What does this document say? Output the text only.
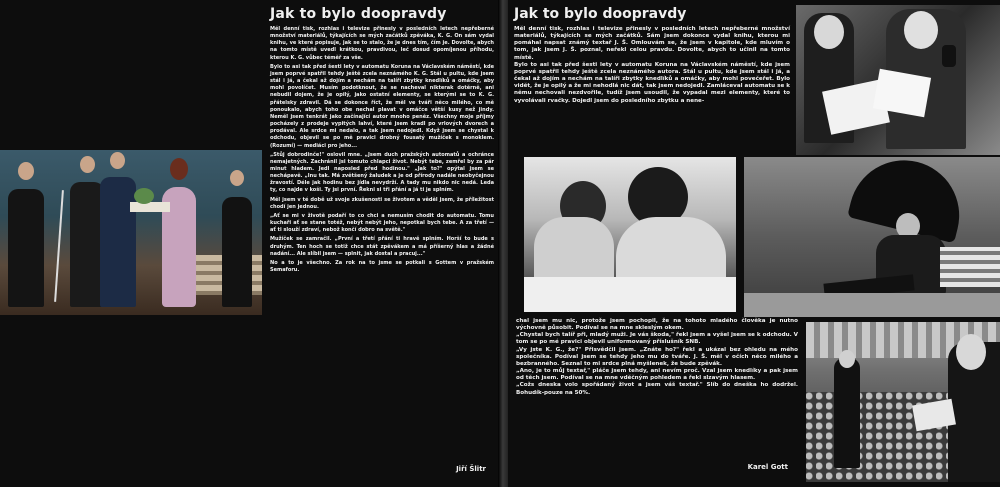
Jak to bylo doopravdy

Měl denní tisk, rozhlas i televize přinesly v posledních letech nepřeberné množství materiálů, týkajících se mých začátků zpěváka, K. G. On sám vydal knihu, ve které popisuje, jak se to stalo, že je dnes tím, čím je. Dovolte, abych na tomto místě uvedl krátkou, pravdivou, leč dosud opomíjenou příhodu, kterou K. G. vůbec téměř za vše.

Bylo to asi tak před šesti lety v automatu Koruna na Václavském náměstí, kde jsem poprvé spatřil tehdy ještě zcela neznámého K. G. Stál u pultu, kde jsem stál i já, a čekal až dojím a nechám na talíři zbytky knedlíků a omáčky, aby mohl povolíčet. Musím podotknout, že se nacheval nikterak dotěrně, ani nebudil dojem, že je opilý, jako ostatní elementy, se kterými se to K. G. přátelsky zdravil. Dá se dokonce říct, že měl ve tváři něco milého, co mě ponoukalo, abych toho obe nechal plavat v omáčce větší kusy než jindy. Neměl jsem tenkrát jako začínající autor mnoho peněz. Všechny moje příjmy pocházely z prodeje vypitých lahví, které jsem kradl po vrlových dvorech a prodával. Ale srdce mi nedalo, a tak jsem nedojedl. Když jsem se chystal k odchodu, objevil se po mě pravici drobný fousatý mužíček s monoklem. (Rozumí) — mediáci pro jeho...

„Stůj dobrodinče!" oslovil mne. „Jsem duch pražských automatů a ochránce nemajetných. Zachránil jsi tomuto chlapci život. Nebýt tebe, zemřel by za pár minut hladem. Jedl naposled před hodinou." „Jak to?" opýtal jsem se nechápavě. „Inu tak. Má zvětšený žaludek a je od přírody nadále neobyčejnou žravostí. Déle jak hodinu bez jídla nevydrží. A tady mu nikdo nic nedá. Leda ty, co najde v koši. Ty jsi první. Řekni si tři přání a já ti je splním.

Měl jsem v té době už svoje zkušenosti se životem a věděl jsem, že příležitost chodí jen jednou.

„Ať se mi v životě podaří to co chci a nemusím chodit do automatu. Tomu kuchaři ať se stane totéž, nebýt nebýt jeho, nepotkal bych tebe. A za třetí — ať ti slouží zdraví, nebož končí dobro na světě."

Mužíček se zamračil. „První a třetí přání ti hravě splním. Horší to bude s druhým. Ten hoch se totiž chce stát zpěvákem a má příšerný hlas a žádné nadání... Ale slíbil jsem — splnit, jak dostal a pracuj..."

No a to je všechno. Za rok na to jsme se potkali s Gottem v pražském Semaforu.

Jiří Šlitr
Jak to bylo doopravdy

Měl denní tisk, rozhlas i televize přinesly v posledních letech nepřeberné množství materiálů, týkajících se mých začátků. Sám jsem dokonce vydal knihu, kterou mi pomáhal napsat známý textař J. Š. Omlouvám se, že jsem v kapitole, kde mluvím o tom, jak jsem J. Š. poznal, neřekl celou pravdu. Dovolte, abych to učinil na tomto místě.

Bylo to asi tak před šesti lety v automatu Koruna na Václavském náměstí, kde jsem poprvé spatřil tehdy ještě zcela neznámého autora. Stál u pultu, kde jsem stál i já, a čekal až dojím a nechám na talíři zbytky knedlíků a omáčky, aby mohl povečeřet. Bylo vidět, že je opilý a že mi nehodlá nic dát, tak jsem nedojedl. Zamláceval automatu se k němu nechovali nezdvořile, tudíž jsem usoudil, že vypadal mezi elementy, které to vyvolávali rvačky. Dojedl jsem do posledního zbytku a nene-

chal jsem mu nic, protože jsem pochopil, že na tohoto mladého člověka je nutno výchovně působit. Podíval se na mne skleslým okem.

„Chystal bych talíř při, mladý muži. Je vás škoda," řekl jsem a vyšel jsem se k odchodu. V tom se po mé pravici objevil uniformovaný příslušník SNB.

„Vy jste K. G., že?" Přisvědčil jsem. „Znáte ho?" řekl a ukázal bez ohledu na mého společníka. Podíval jsem se tehdy jeho mu do tváře. J. Š. měl v očích něco milého a bezbranného. Seznal to mi srdce plná myšlenek, že bude zpěvák.

„Ano, je to můj textař," pláče jsem tehdy, ani nevím proč. Vzal jsem knedlíky a pak jsem od těch jsem. Podíval se na mne vděčným pohledem a řekl slzavým hlasem.

„Cožs dneska volo spořádaný život a jsem váš textař." Slíb do dneška ho dodržel. Bohudík-pouze na 50%.

Karel Gott
